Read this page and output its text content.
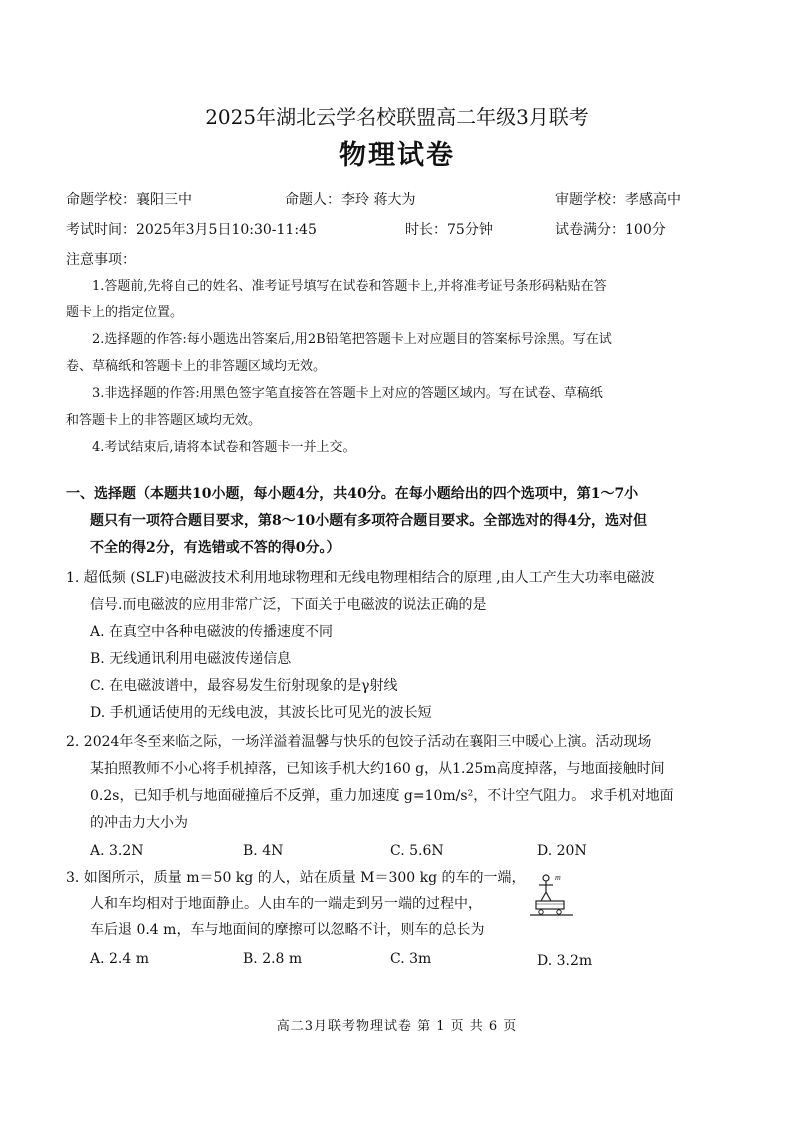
2025年湖北云学名校联盟高二年级3月联考
物理试卷
命题学校：襄阳三中	命题人：李玲 蒋大为	审题学校：孝感高中
考试时间：2025年3月5日10:30-11:45	时长：75分钟	试卷满分：100分
注意事项：
1.答题前,先将自己的姓名、准考证号填写在试卷和答题卡上,并将准考证号条形码粘贴在答
题卡上的指定位置。
2.选择题的作答:每小题选出答案后,用2B铅笔把答题卡上对应题目的答案标号涂黑。写在试
卷、草稿纸和答题卡上的非答题区域均无效。
3.非选择题的作答:用黑色签字笔直接答在答题卡上对应的答题区域内。写在试卷、草稿纸
和答题卡上的非答题区域均无效。
4.考试结束后,请将本试卷和答题卡一并上交。
一、选择题（本题共10小题，每小题4分，共40分。在每小题给出的四个选项中，第1～7小
题只有一项符合题目要求，第8～10小题有多项符合题目要求。全部选对的得4分，选对但
不全的得2分，有选错或不答的得0分。）
1. 超低频 (SLF)电磁波技术利用地球物理和无线电物理相结合的原理 ,由人工产生大功率电磁波
信号.而电磁波的应用非常广泛，下面关于电磁波的说法正确的是
A. 在真空中各种电磁波的传播速度不同
B. 无线通讯利用电磁波传递信息
C. 在电磁波谱中，最容易发生衍射现象的是γ射线
D. 手机通话使用的无线电波，其波长比可见光的波长短
2. 2024年冬至来临之际，一场洋溢着温馨与快乐的包饺子活动在襄阳三中暖心上演。活动现场
某拍照教师不小心将手机掉落，已知该手机大约160 g，从1.25m高度掉落，与地面接触时间
0.2s，已知手机与地面碰撞后不反弹，重力加速度 g=10m/s²，不计空气阻力。 求手机对地面
的冲击力大小为
A. 3.2N	B. 4N	C. 5.6N	D. 20N
3. 如图所示，质量 m＝50 kg 的人，站在质量 M＝300 kg 的车的一端，
人和车均相对于地面静止。人由车的一端走到另一端的过程中，
车后退 0.4 m，车与地面间的摩擦可以忽略不计，则车的总长为
m
A. 2.4 m	B. 2.8 m	C. 3m	D. 3.2m
高二3月联考物理试卷 第 1 页 共 6 页
